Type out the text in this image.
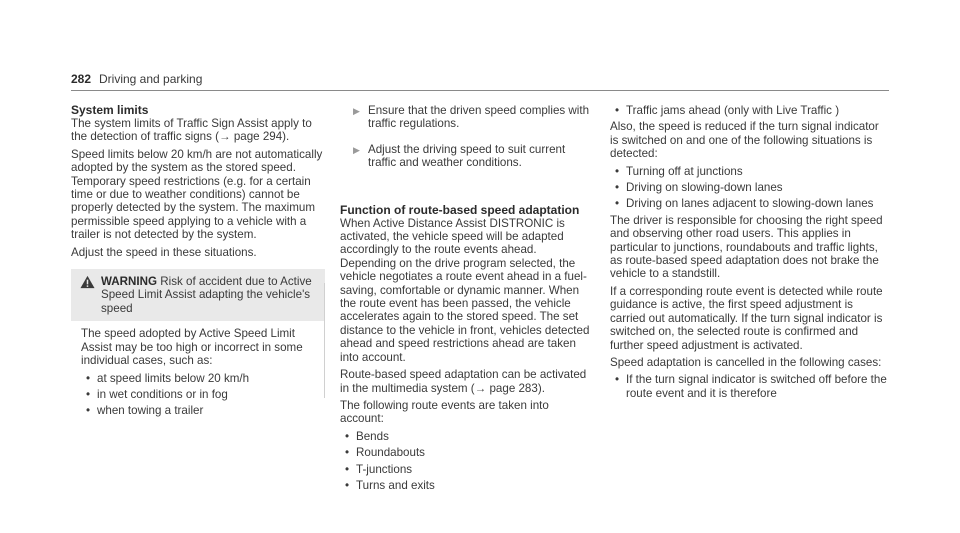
282 Driving and parking
System limits

The system limits of Traffic Sign Assist apply to the detection of traffic signs (→ page 294).

Speed limits below 20 km/h are not automatically adopted by the system as the stored speed. Temporary speed restrictions (e.g. for a certain time or due to weather conditions) cannot be properly detected by the system. The maximum permissible speed applying to a vehicle with a trailer is not detected by the system.

Adjust the speed in these situations.

WARNING Risk of accident due to Active Speed Limit Assist adapting the vehicle's speed

The speed adopted by Active Speed Limit Assist may be too high or incorrect in some individual cases, such as:

• at speed limits below 20 km/h
• in wet conditions or in fog
• when towing a trailer
▶ Ensure that the driven speed complies with traffic regulations.
▶ Adjust the driving speed to suit current traffic and weather conditions.
Function of route-based speed adaptation

When Active Distance Assist DISTRONIC is activated, the vehicle speed will be adapted accordingly to the route events ahead. Depending on the drive program selected, the vehicle negotiates a route event ahead in a fuel-saving, comfortable or dynamic manner. When the route event has been passed, the vehicle accelerates again to the stored speed. The set distance to the vehicle in front, vehicles detected ahead and speed restrictions ahead are taken into account.

Route-based speed adaptation can be activated in the multimedia system (→ page 283).

The following route events are taken into account:

• Bends
• Roundabouts
• T-junctions
• Turns and exits
• Traffic jams ahead (only with Live Traffic )

Also, the speed is reduced if the turn signal indicator is switched on and one of the following situations is detected:

• Turning off at junctions
• Driving on slowing-down lanes
• Driving on lanes adjacent to slowing-down lanes

The driver is responsible for choosing the right speed and observing other road users. This applies in particular to junctions, roundabouts and traffic lights, as route-based speed adaptation does not brake the vehicle to a standstill.

If a corresponding route event is detected while route guidance is active, the first speed adjustment is carried out automatically. If the turn signal indicator is switched on, the selected route is confirmed and further speed adjustment is activated.

Speed adaptation is cancelled in the following cases:

• If the turn signal indicator is switched off before the route event and it is therefore
